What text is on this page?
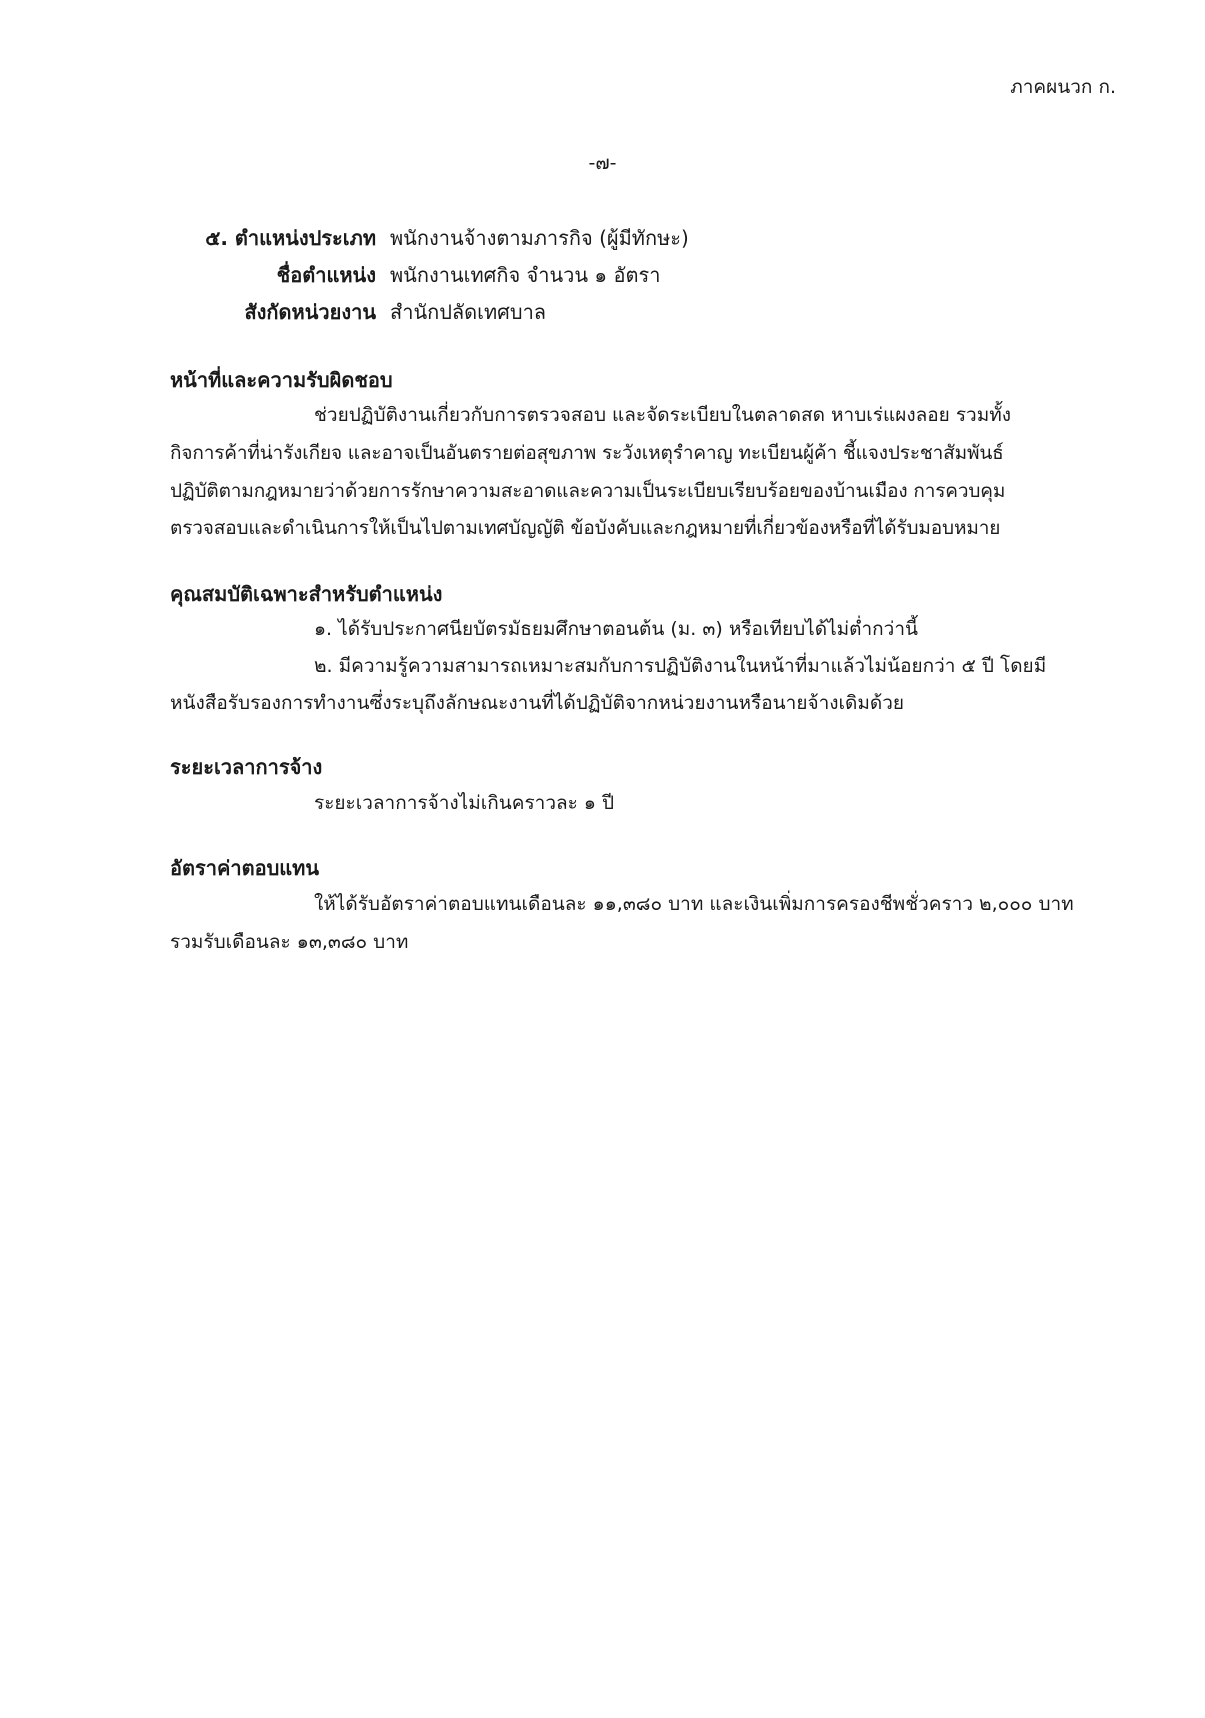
ภาคผนวก ก.
-๗-
๕. ตำแหน่งประเภท พนักงานจ้างตามภารกิจ (ผู้มีทักษะ)
ชื่อตำแหน่ง พนักงานเทศกิจ จำนวน ๑ อัตรา
สังกัดหน่วยงาน สำนักปลัดเทศบาล
หน้าที่และความรับผิดชอบ
ช่วยปฏิบัติงานเกี่ยวกับการตรวจสอบ และจัดระเบียบในตลาดสด หาบเร่แผงลอย รวมทั้ง
กิจการค้าที่น่ารังเกียจ และอาจเป็นอันตรายต่อสุขภาพ ระวังเหตุรำคาญ ทะเบียนผู้ค้า ชี้แจงประชาสัมพันธ์
ปฏิบัติตามกฎหมายว่าด้วยการรักษาความสะอาดและความเป็นระเบียบเรียบร้อยของบ้านเมือง การควบคุม
ตรวจสอบและดำเนินการให้เป็นไปตามเทศบัญญัติ ข้อบังคับและกฎหมายที่เกี่ยวข้องหรือที่ได้รับมอบหมาย
คุณสมบัติเฉพาะสำหรับตำแหน่ง
๑. ได้รับประกาศนียบัตรมัธยมศึกษาตอนต้น (ม. ๓) หรือเทียบได้ไม่ต่ำกว่านี้
๒. มีความรู้ความสามารถเหมาะสมกับการปฏิบัติงานในหน้าที่มาแล้วไม่น้อยกว่า ๕ ปี โดยมี
หนังสือรับรองการทำงานซึ่งระบุถึงลักษณะงานที่ได้ปฏิบัติจากหน่วยงานหรือนายจ้างเดิมด้วย
ระยะเวลาการจ้าง
ระยะเวลาการจ้างไม่เกินคราวละ ๑ ปี
อัตราค่าตอบแทน
ให้ได้รับอัตราค่าตอบแทนเดือนละ ๑๑,๓๘๐ บาท และเงินเพิ่มการครองชีพชั่วคราว ๒,๐๐๐ บาท
รวมรับเดือนละ ๑๓,๓๘๐ บาท
